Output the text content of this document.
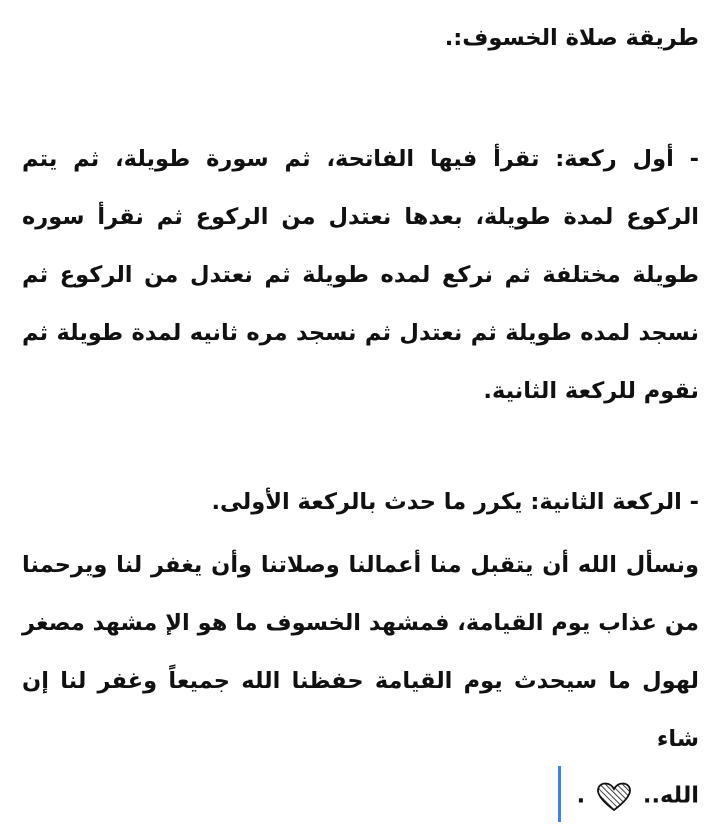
طريقة صلاة الخسوف:.
- أول ركعة: تقرأ فيها الفاتحة، ثم سورة طويلة، ثم يتم الركوع لمدة طويلة، بعدها نعتدل من الركوع ثم نقرأ سوره طويلة مختلفة ثم نركع لمده طويلة ثم نعتدل من الركوع ثم نسجد لمده طويلة ثم نعتدل ثم نسجد مره ثانيه لمدة طويلة ثم نقوم للركعة الثانية.
- الركعة الثانية: يكرر ما حدث بالركعة الأولى.
ونسأل الله أن يتقبل منا أعمالنا وصلاتنا وأن يغفر لنا ويرحمنا من عذاب يوم القيامة، فمشهد الخسوف ما هو الإ مشهد مصغر لهول ما سيحدث يوم القيامة حفظنا الله جميعاً وغفر لنا إن شاء
الله..  .
